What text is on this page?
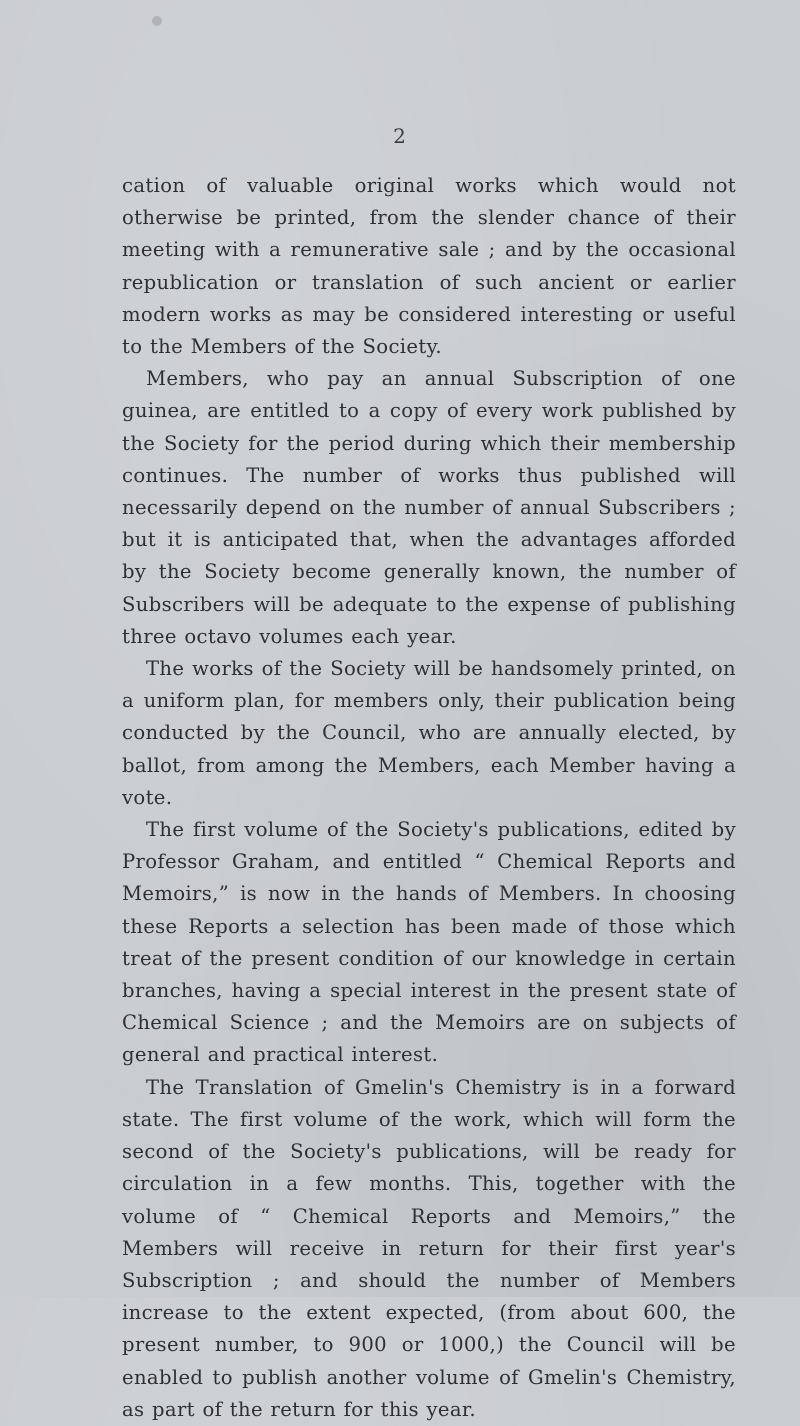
2

cation of valuable original works which would not otherwise be printed, from the slender chance of their meeting with a remunerative sale ; and by the occasional republication or translation of such ancient or earlier modern works as may be considered interesting or useful to the Members of the Society.

Members, who pay an annual Subscription of one guinea, are entitled to a copy of every work published by the Society for the period during which their membership continues. The number of works thus published will necessarily depend on the number of annual Subscribers ; but it is anticipated that, when the advantages afforded by the Society become generally known, the number of Subscribers will be adequate to the expense of publishing three octavo volumes each year.

The works of the Society will be handsomely printed, on a uniform plan, for members only, their publication being conducted by the Council, who are annually elected, by ballot, from among the Members, each Member having a vote.

The first volume of the Society's publications, edited by Professor Graham, and entitled “ Chemical Reports and Memoirs,” is now in the hands of Members. In choosing these Reports a selection has been made of those which treat of the present condition of our knowledge in certain branches, having a special interest in the present state of Chemical Science ; and the Memoirs are on subjects of general and practical interest.

The Translation of Gmelin's Chemistry is in a forward state. The first volume of the work, which will form the second of the Society's publications, will be ready for circulation in a few months. This, together with the volume of “ Chemical Reports and Memoirs,” the Members will receive in return for their first year's Subscription ; and should the number of Members increase to the extent expected, (from about 600, the present number, to 900 or 1000,) the Council will be enabled to publish another volume of Gmelin's Chemistry, as part of the return for this year.
